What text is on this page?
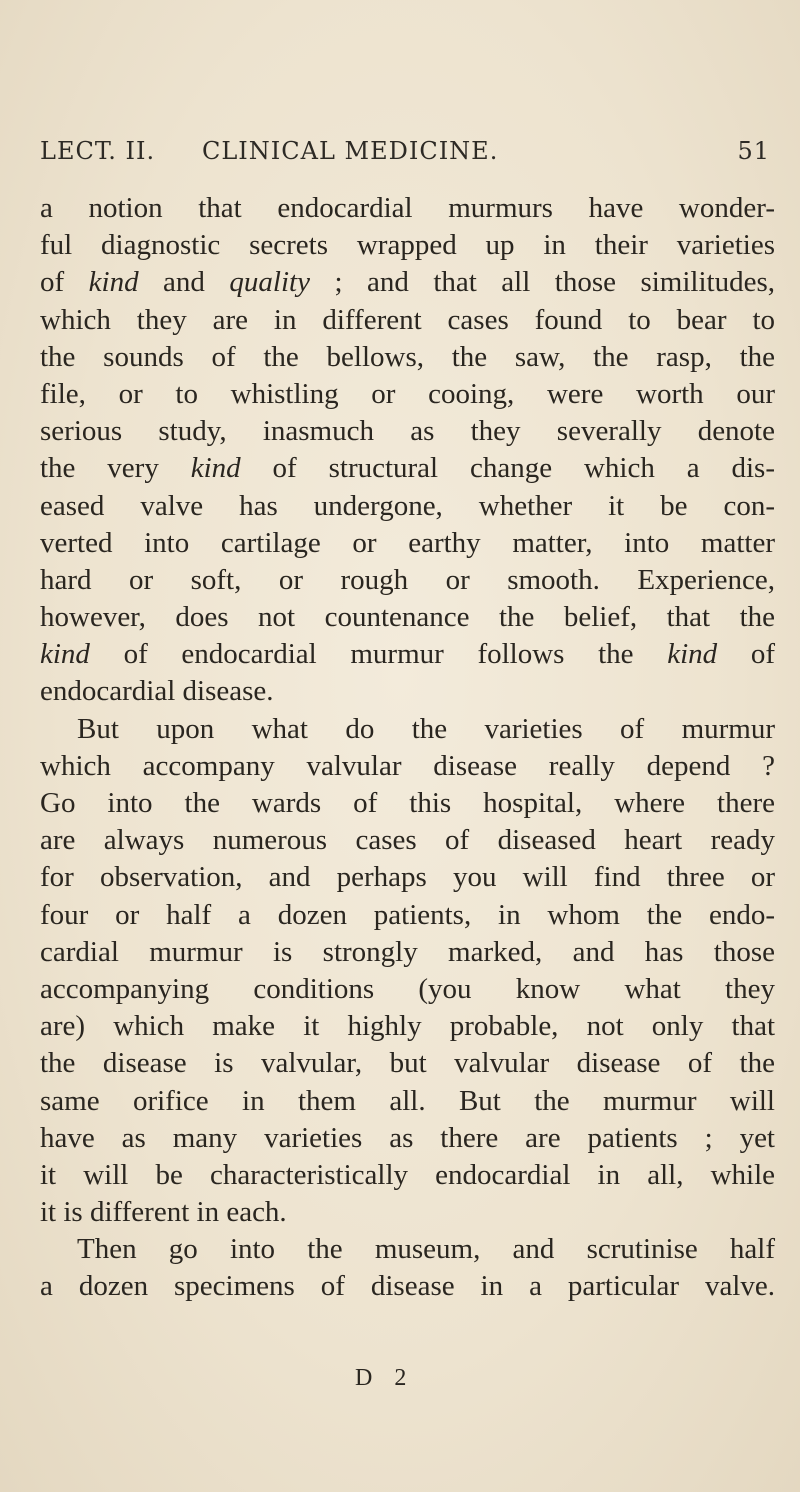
LECT. II. CLINICAL MEDICINE.	51
a notion that endocardial murmurs have wonder-
ful diagnostic secrets wrapped up in their varieties
of kind and quality ; and that all those similitudes,
which they are in different cases found to bear to
the sounds of the bellows, the saw, the rasp, the
file, or to whistling or cooing, were worth our
serious study, inasmuch as they severally denote
the very kind of structural change which a dis-
eased valve has undergone, whether it be con-
verted into cartilage or earthy matter, into matter
hard or soft, or rough or smooth. Experience,
however, does not countenance the belief, that the
kind of endocardial murmur follows the kind of
endocardial disease.
But upon what do the varieties of murmur
which accompany valvular disease really depend ?
Go into the wards of this hospital, where there
are always numerous cases of diseased heart ready
for observation, and perhaps you will find three or
four or half a dozen patients, in whom the endo-
cardial murmur is strongly marked, and has those
accompanying conditions (you know what they
are) which make it highly probable, not only that
the disease is valvular, but valvular disease of the
same orifice in them all. But the murmur will
have as many varieties as there are patients ; yet
it will be characteristically endocardial in all, while
it is different in each.
Then go into the museum, and scrutinise half
a dozen specimens of disease in a particular valve.
D 2
